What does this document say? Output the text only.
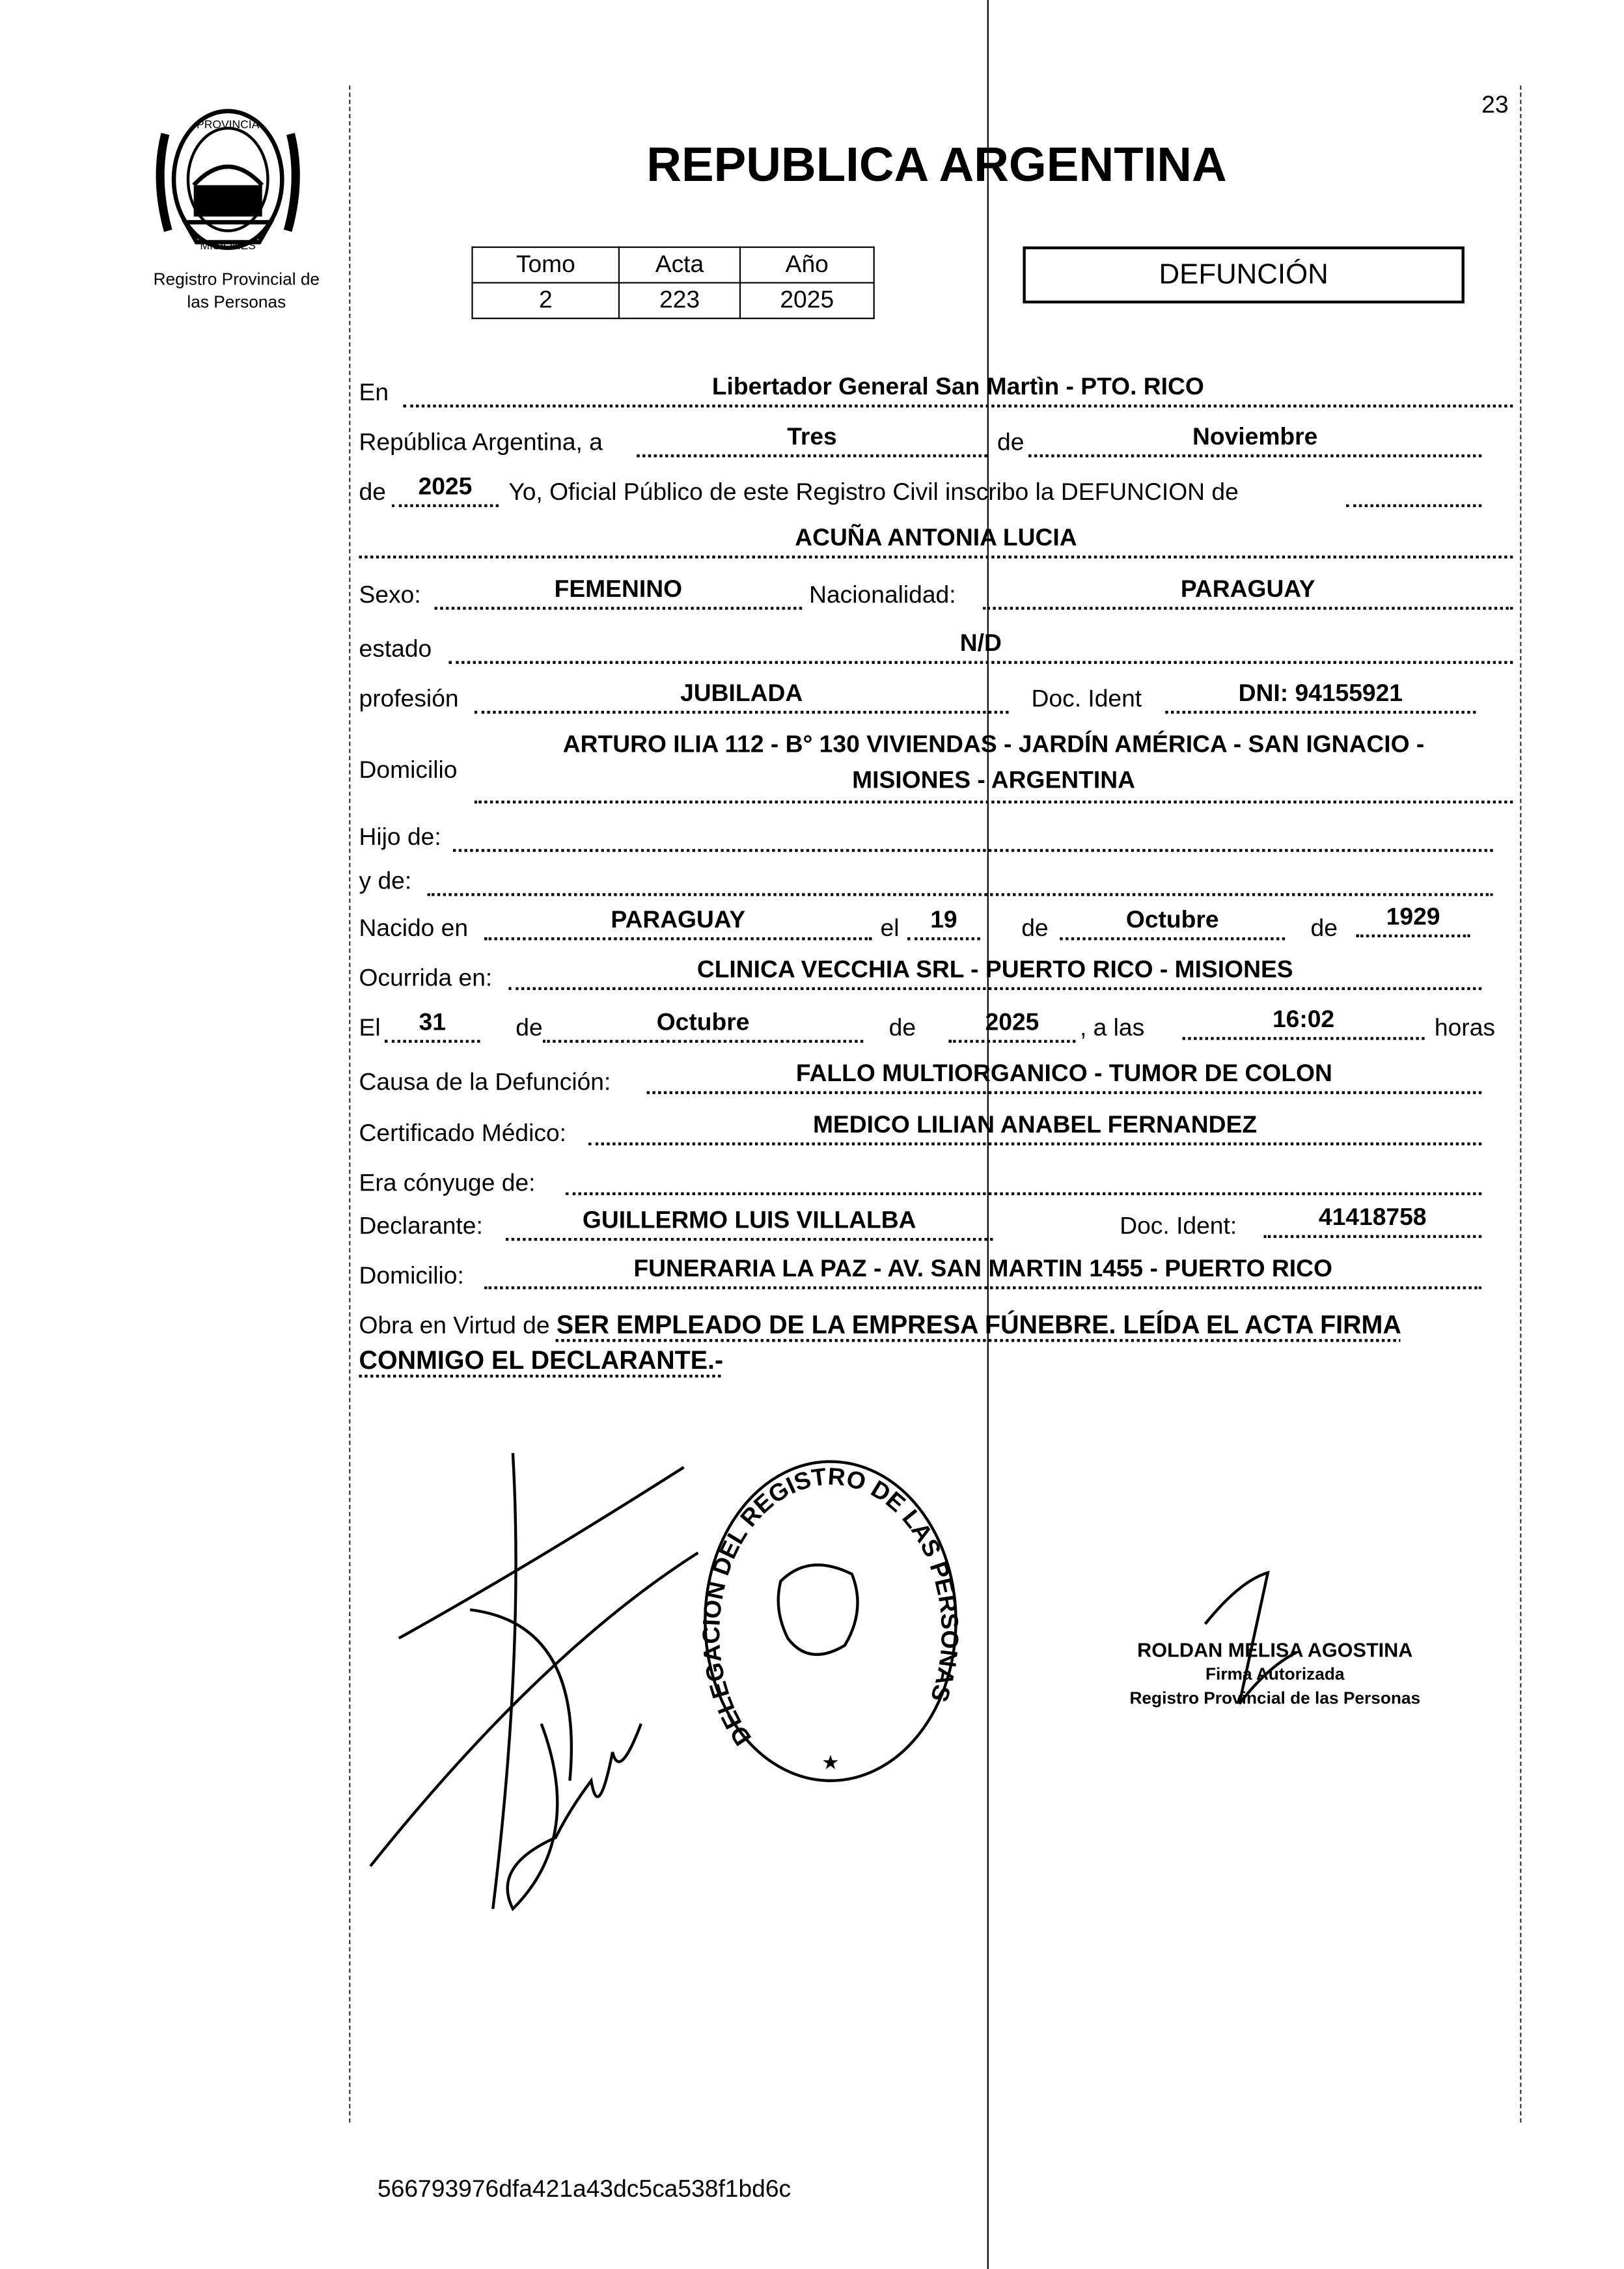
23
PROVINCIA
MISIONES
Registro Provincial de
las Personas
REPUBLICA ARGENTINA
Tomo	Acta	Año
2	223	2025
DEFUNCIÓN
En	Libertador General San Martìn - PTO. RICO
República Argentina, a	Tres	de	Noviembre
de	2025	Yo, Oficial Público de este Registro Civil inscribo la DEFUNCION de
ACUÑA ANTONIA LUCIA
Sexo:	FEMENINO	Nacionalidad:	PARAGUAY
estado	N/D
profesión	JUBILADA	Doc. Ident	DNI: 94155921
Domicilio
ARTURO ILIA 112 - B° 130 VIVIENDAS - JARDÍN AMÉRICA - SAN IGNACIO -
MISIONES - ARGENTINA
Hijo de:
y de:
Nacido en	PARAGUAY	el	19	de	Octubre	de	1929
Ocurrida en:	CLINICA VECCHIA SRL - PUERTO RICO - MISIONES
El	31	de	Octubre	de	2025	, a las	16:02	horas
Causa de la Defunción:	FALLO MULTIORGANICO - TUMOR DE COLON
Certificado Médico:	MEDICO LILIAN ANABEL FERNANDEZ
Era cónyuge de:
Declarante:	GUILLERMO LUIS VILLALBA	Doc. Ident:	41418758
Domicilio:	FUNERARIA LA PAZ - AV. SAN MARTIN 1455 - PUERTO RICO
Obra en Virtud de SER EMPLEADO DE LA EMPRESA FÚNEBRE. LEÍDA EL ACTA FIRMA CONMIGO EL DECLARANTE.-
DELEGACION DEL REGISTRO DE LAS PERSONAS
★
ROLDAN MELISA AGOSTINA
Firma Autorizada
Registro Provincial de las Personas
566793976dfa421a43dc5ca538f1bd6c
